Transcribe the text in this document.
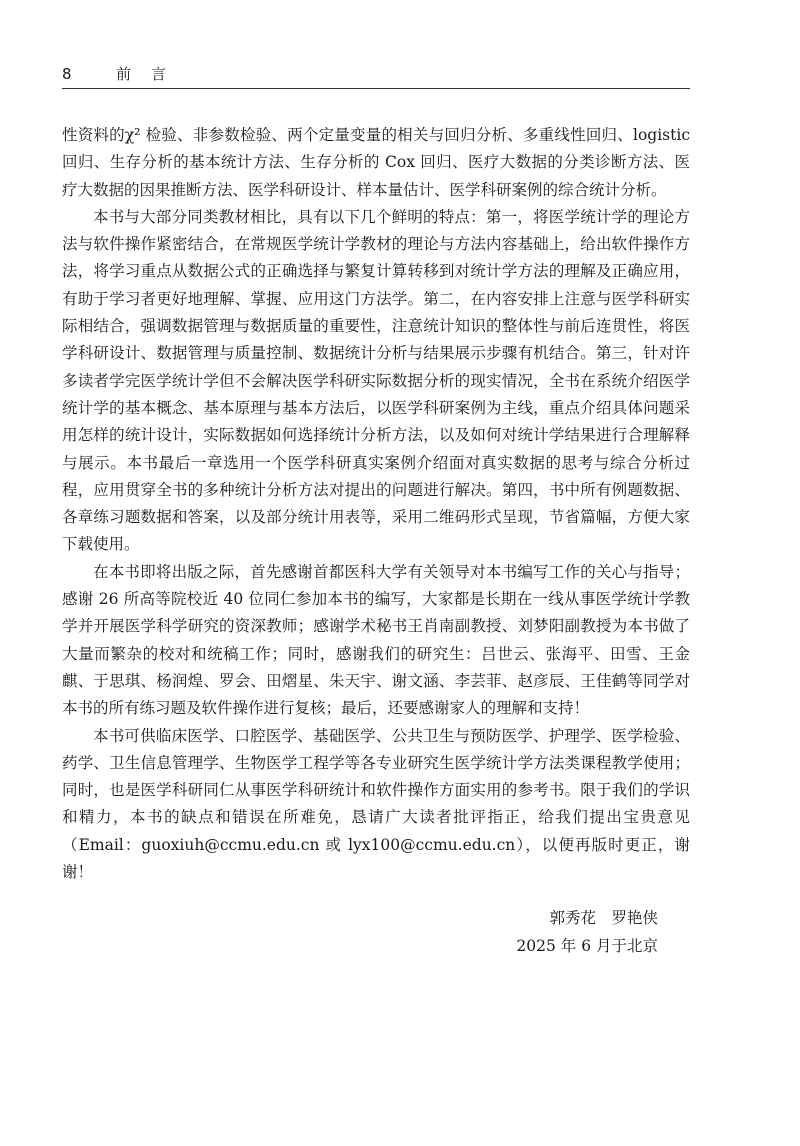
8	前言

性资料的χ² 检验、非参数检验、两个定量变量的相关与回归分析、多重线性回归、logistic 回归、生存分析的基本统计方法、生存分析的 Cox 回归、医疗大数据的分类诊断方法、医疗大数据的因果推断方法、医学科研设计、样本量估计、医学科研案例的综合统计分析。

本书与大部分同类教材相比，具有以下几个鲜明的特点：第一，将医学统计学的理论方法与软件操作紧密结合，在常规医学统计学教材的理论与方法内容基础上，给出软件操作方法，将学习重点从数据公式的正确选择与繁复计算转移到对统计学方法的理解及正确应用，有助于学习者更好地理解、掌握、应用这门方法学。第二，在内容安排上注意与医学科研实际相结合，强调数据管理与数据质量的重要性，注意统计知识的整体性与前后连贯性，将医学科研设计、数据管理与质量控制、数据统计分析与结果展示步骤有机结合。第三，针对许多读者学完医学统计学但不会解决医学科研实际数据分析的现实情况，全书在系统介绍医学统计学的基本概念、基本原理与基本方法后，以医学科研案例为主线，重点介绍具体问题采用怎样的统计设计，实际数据如何选择统计分析方法，以及如何对统计学结果进行合理解释与展示。本书最后一章选用一个医学科研真实案例介绍面对真实数据的思考与综合分析过程，应用贯穿全书的多种统计分析方法对提出的问题进行解决。第四，书中所有例题数据、各章练习题数据和答案，以及部分统计用表等，采用二维码形式呈现，节省篇幅，方便大家下载使用。

在本书即将出版之际，首先感谢首都医科大学有关领导对本书编写工作的关心与指导；感谢 26 所高等院校近 40 位同仁参加本书的编写，大家都是长期在一线从事医学统计学教学并开展医学科学研究的资深教师；感谢学术秘书王肖南副教授、刘梦阳副教授为本书做了大量而繁杂的校对和统稿工作；同时，感谢我们的研究生：吕世云、张海平、田雪、王金麒、于思琪、杨润煌、罗会、田熠星、朱天宇、谢文涵、李芸菲、赵彦辰、王佳鹤等同学对本书的所有练习题及软件操作进行复核；最后，还要感谢家人的理解和支持！

本书可供临床医学、口腔医学、基础医学、公共卫生与预防医学、护理学、医学检验、药学、卫生信息管理学、生物医学工程学等各专业研究生医学统计学方法类课程教学使用；同时，也是医学科研同仁从事医学科研统计和软件操作方面实用的参考书。限于我们的学识和精力，本书的缺点和错误在所难免，恳请广大读者批评指正，给我们提出宝贵意见（Email：guoxiuh@ccmu.edu.cn 或 lyx100@ccmu.edu.cn），以便再版时更正，谢谢！

郭秀花　罗艳侠
2025 年 6 月于北京
